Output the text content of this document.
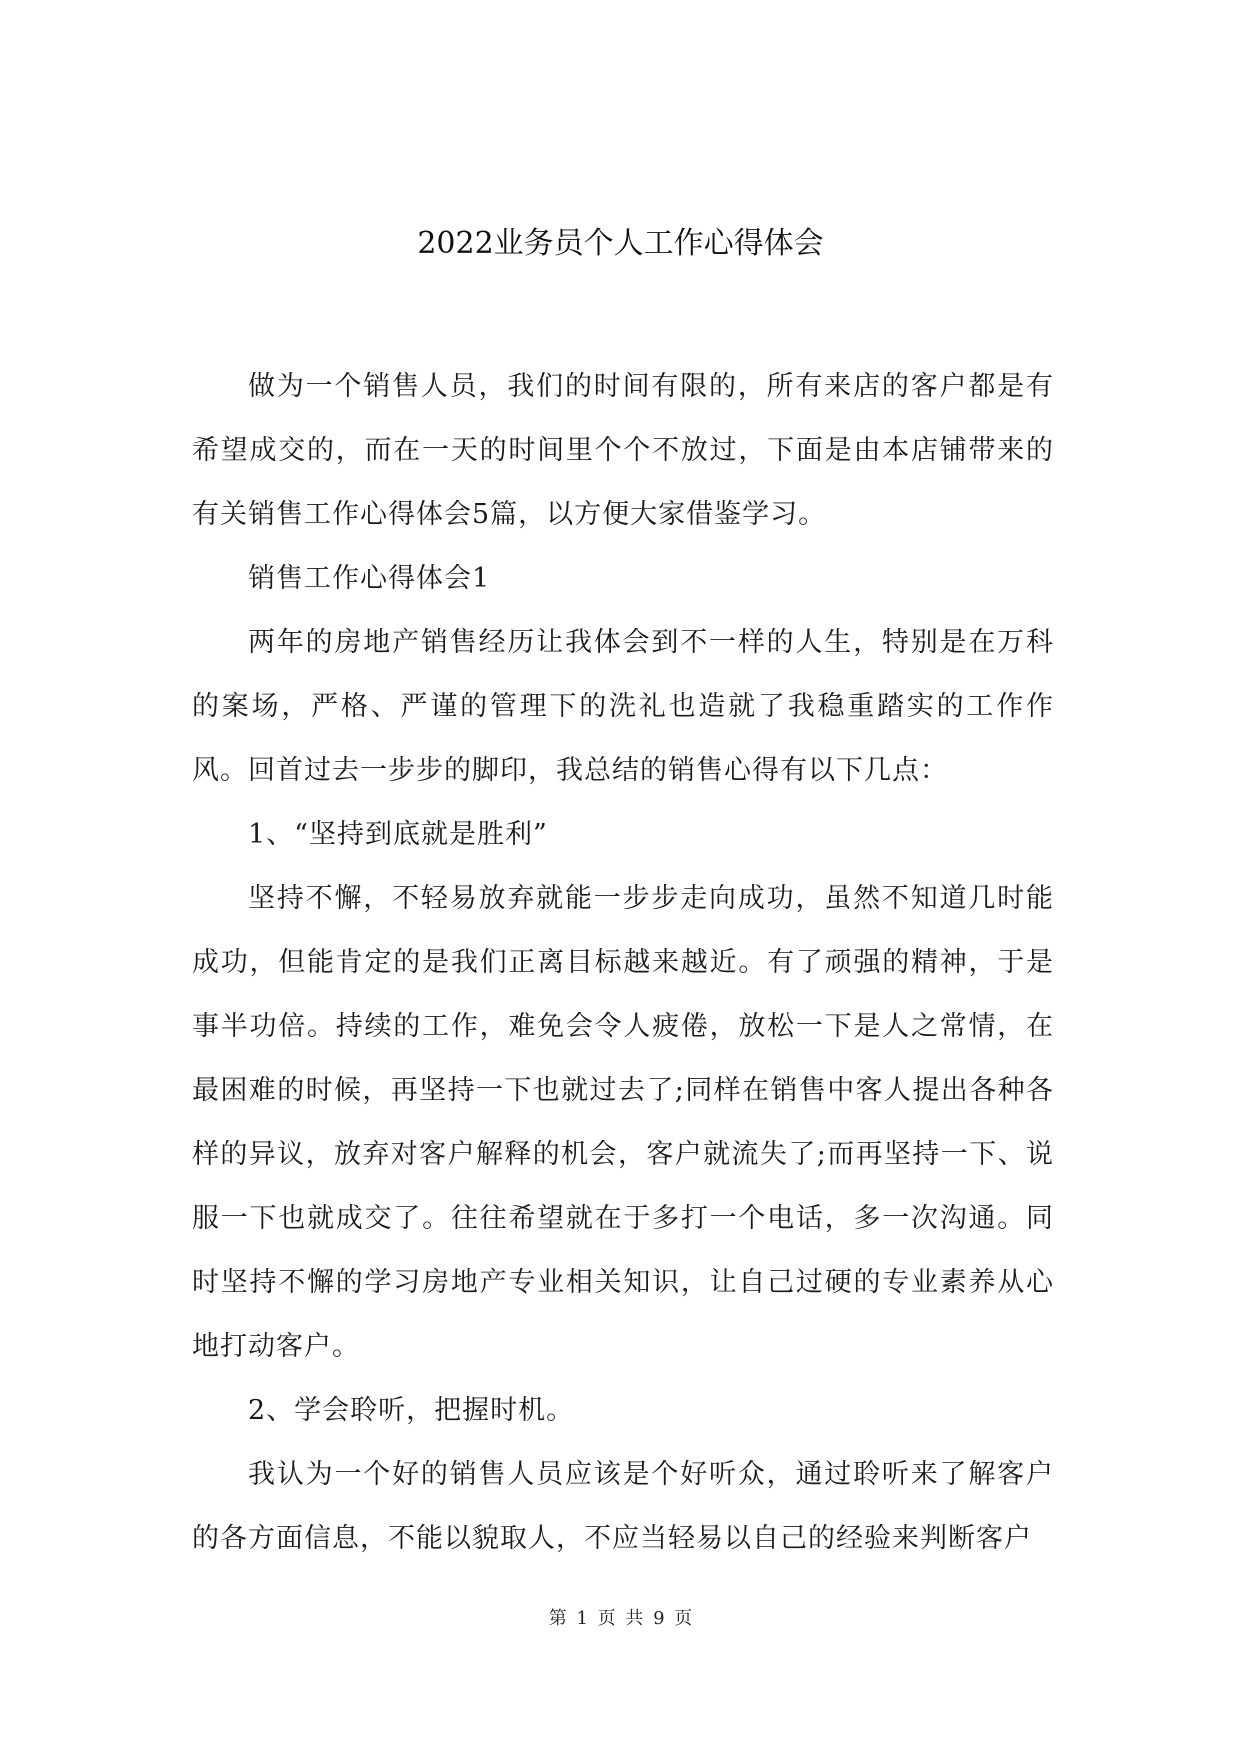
2022业务员个人工作心得体会

做为一个销售人员，我们的时间有限的，所有来店的客户都是有希望成交的，而在一天的时间里个个不放过，下面是由本店铺带来的有关销售工作心得体会5篇，以方便大家借鉴学习。

销售工作心得体会1

两年的房地产销售经历让我体会到不一样的人生，特别是在万科的案场，严格、严谨的管理下的洗礼也造就了我稳重踏实的工作作风。回首过去一步步的脚印，我总结的销售心得有以下几点：

1、“坚持到底就是胜利”

坚持不懈，不轻易放弃就能一步步走向成功，虽然不知道几时能成功，但能肯定的是我们正离目标越来越近。有了顽强的精神，于是事半功倍。持续的工作，难免会令人疲倦，放松一下是人之常情，在最困难的时候，再坚持一下也就过去了;同样在销售中客人提出各种各样的异议，放弃对客户解释的机会，客户就流失了;而再坚持一下、说服一下也就成交了。往往希望就在于多打一个电话，多一次沟通。同时坚持不懈的学习房地产专业相关知识，让自己过硬的专业素养从心地打动客户。

2、学会聆听，把握时机。

我认为一个好的销售人员应该是个好听众，通过聆听来了解客户的各方面信息，不能以貌取人，不应当轻易以自己的经验来判断客户

第 1 页 共 9 页
